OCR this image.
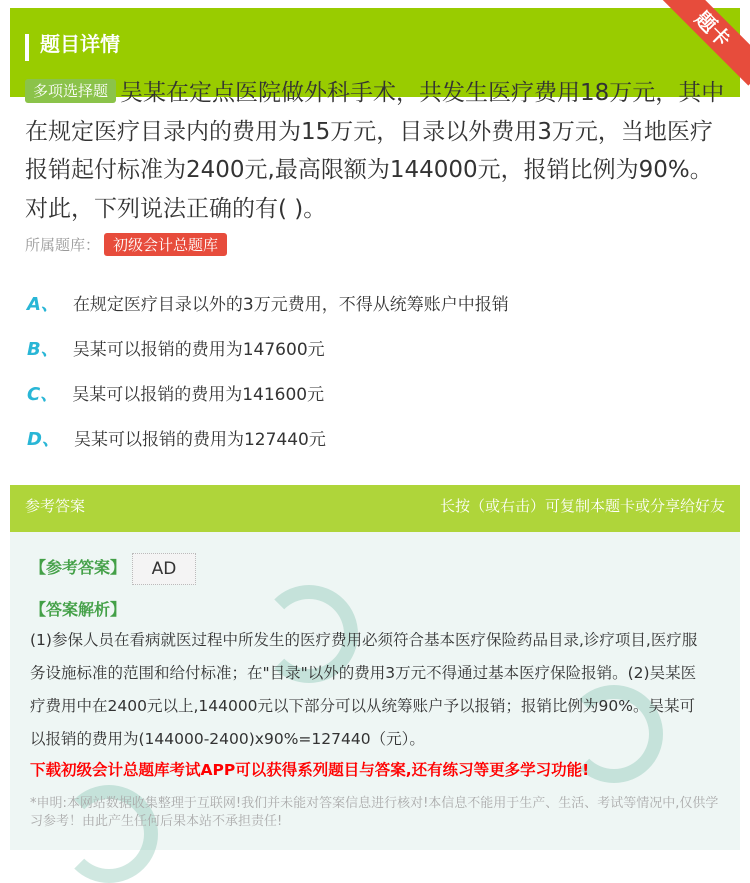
题目详情	题卡
多项选择题 吴某在定点医院做外科手术，共发生医疗费用18万元，其中在规定医疗目录内的费用为15万元，目录以外费用3万元，当地医疗报销起付标准为2400元,最高限额为144000元，报销比例为90%。对此，下列说法正确的有( )。
所属题库： 初级会计总题库
A、 在规定医疗目录以外的3万元费用，不得从统筹账户中报销
B、 吴某可以报销的费用为147600元
C、 吴某可以报销的费用为141600元
D、 吴某可以报销的费用为127440元
参考答案	长按（或右击）可复制本题卡或分享给好友
【参考答案】	AD
【答案解析】
(1)参保人员在看病就医过程中所发生的医疗费用必须符合基本医疗保险药品目录,诊疗项目,医疗服务设施标准的范围和给付标准；在"目录"以外的费用3万元不得通过基本医疗保险报销。(2)吴某医疗费用中在2400元以上,144000元以下部分可以从统筹账户予以报销；报销比例为90%。吴某可以报销的费用为(144000-2400)x90%=127440（元）。
下载初级会计总题库考试APP可以获得系列题目与答案,还有练习等更多学习功能!
*申明:本网站数据收集整理于互联网!我们并未能对答案信息进行核对!本信息不能用于生产、生活、考试等情况中,仅供学习参考！由此产生任何后果本站不承担责任!
